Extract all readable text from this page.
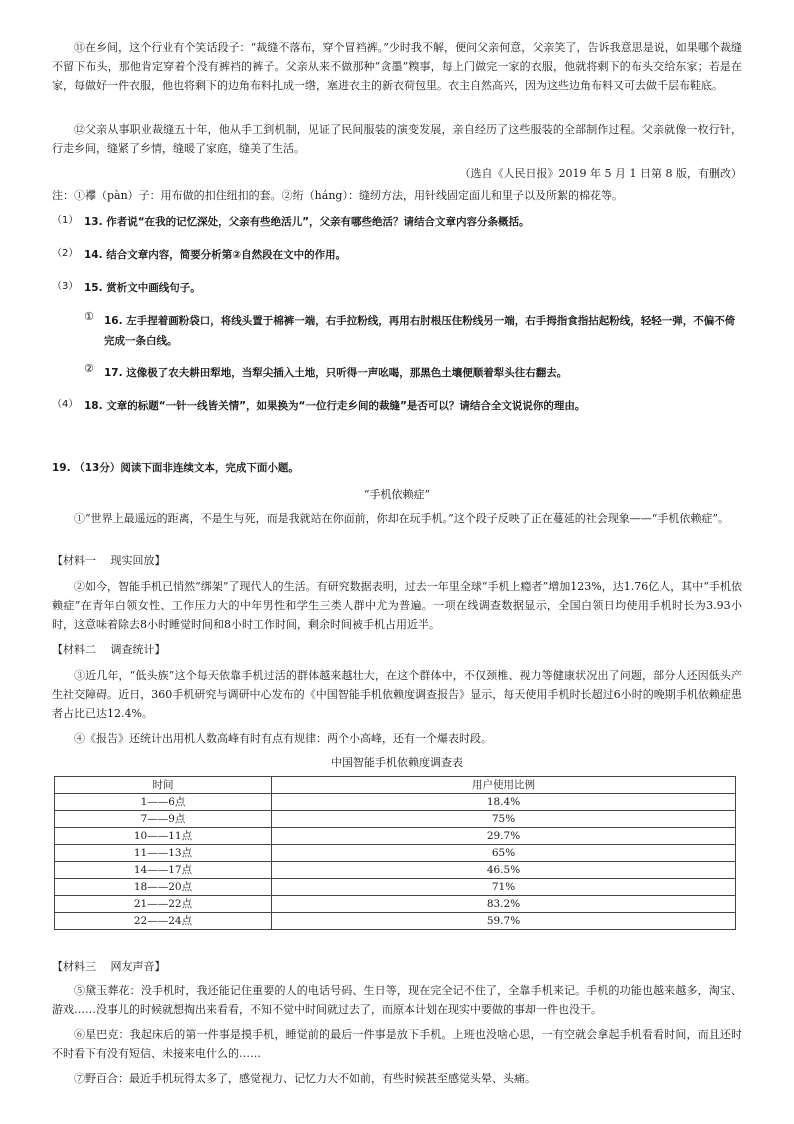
⑪在乡间，这个行业有个笑话段子：“裁缝不落布，穿个冒裆裤。”少时我不解，便问父亲何意，父亲笑了，告诉我意思是说，如果哪个裁缝不留下布头，那他肯定穿着个没有裤裆的裤子。父亲从来不做那种“贪墨”糗事，每上门做完一家的衣服，他就将剩下的布头交给东家；若是在家，每做好一件衣服，他也将剩下的边角布料扎成一绺，塞进衣主的新衣荷包里。衣主自然高兴，因为这些边角布料又可去做千层布鞋底。

⑫父亲从事职业裁缝五十年，他从手工到机制，见证了民间服装的演变发展，亲自经历了这些服装的全部制作过程。父亲就像一枚行针，行走乡间，缝紧了乡情，缝暖了家庭，缝美了生活。

（选自《人民日报》2019 年 5 月 1 日第 8 版，有删改）
注：①襻（pàn）子：用布做的扣住纽扣的套。②绗（háng）：缝纫方法，用针线固定面儿和里子以及所絮的棉花等。
（1） 13. 作者说“在我的记忆深处，父亲有些绝活儿”，父亲有哪些绝活？请结合文章内容分条概括。
（2） 14. 结合文章内容，简要分析第②自然段在文中的作用。
（3） 15. 赏析文中画线句子。
① 16. 左手捏着画粉袋口，将线头置于棉裤一端，右手拉粉线，再用右肘根压住粉线另一端，右手拇指食指拈起粉线，轻轻一弹，不偏不倚完成一条白线。
② 17. 这像极了农夫耕田犁地，当犁尖插入土地，只听得一声吆喝，那黑色土壤便顺着犁头往右翻去。
（4） 18. 文章的标题“一针一线皆关情”，如果换为“一位行走乡间的裁缝”是否可以？请结合全文说说你的理由。
19. （13分）阅读下面非连续文本，完成下面小题。
“手机依赖症”

①“世界上最遥远的距离，不是生与死，而是我就站在你面前，你却在玩手机。”这个段子反映了正在蔓延的社会现象——“手机依赖症”。

【材料一　 现实回放】

②如今，智能手机已悄然“绑架”了现代人的生活。有研究数据表明，过去一年里全球“手机上瘾者”增加123%，达1.76亿人，其中“手机依赖症”在青年白领女性、工作压力大的中年男性和学生三类人群中尤为普遍。一项在线调查数据显示，全国白领日均使用手机时长为3.93小时，这意味着除去8小时睡觉时间和8小时工作时间，剩余时间被手机占用近半。

【材料二　 调查统计】

③近几年，“低头族”这个每天依靠手机过活的群体越来越壮大，在这个群体中，不仅颈椎、视力等健康状况出了问题，部分人还因低头产生社交障碍。近日，360手机研究与调研中心发布的《中国智能手机依赖度调查报告》显示，每天使用手机时长超过6小时的晚期手机依赖症患者占比已达12.4%。

④《报告》还统计出用机人数高峰有时有点有规律：两个小高峰，还有一个爆表时段。

中国智能手机依赖度调查表
时间	用户使用比例
1——6点	18.4%
7——9点	75%
10——11点	29.7%
11——13点	65%
14——17点	46.5%
18——20点	71%
21——22点	83.2%
22——24点	59.7%
【材料三　 网友声音】

⑤黛玉葬花：没手机时，我还能记住重要的人的电话号码、生日等，现在完全记不住了，全靠手机来记。手机的功能也越来越多，淘宝、游戏……没事儿的时候就想掏出来看看，不知不觉中时间就过去了，而原本计划在现实中要做的事却一件也没干。

⑥星巴克：我起床后的第一件事是摸手机，睡觉前的最后一件事是放下手机。上班也没啥心思，一有空就会拿起手机看看时间，而且还时不时看下有没有短信、未接来电什么的……

⑦野百合：最近手机玩得太多了，感觉视力、记忆力大不如前，有些时候甚至感觉头晕、头痛。
